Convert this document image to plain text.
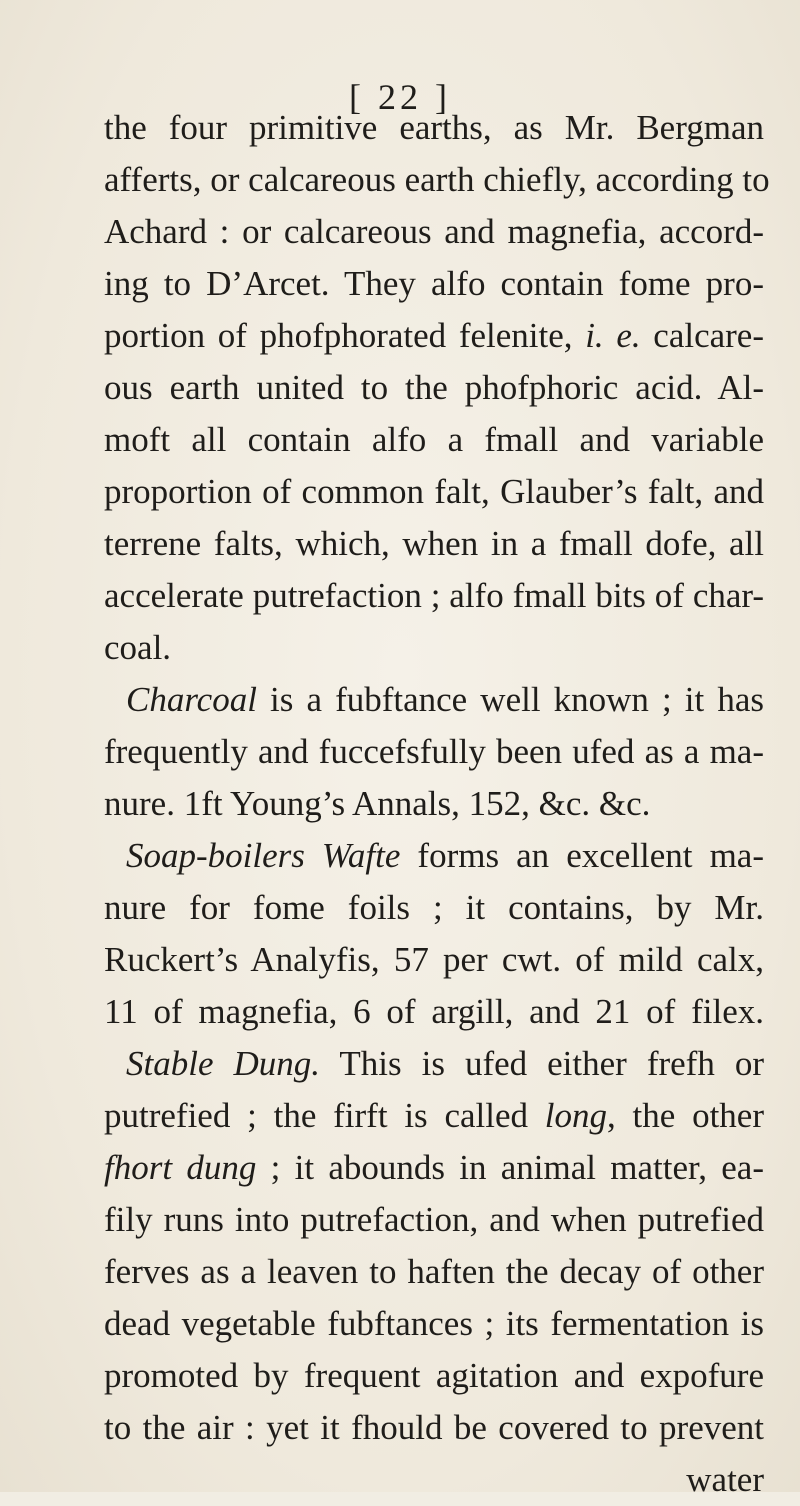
[ 22 ]
the four primitive earths, as Mr. Bergman
afferts, or calcareous earth chiefly, according to
Achard : or calcareous and magnefia, accord-
ing to D’Arcet. They alfo contain fome pro-
portion of phofphorated felenite, i. e. calcare-
ous earth united to the phofphoric acid. Al-
moft all contain alfo a fmall and variable
proportion of common falt, Glauber’s falt, and
terrene falts, which, when in a fmall dofe, all
accelerate putrefaction ; alfo fmall bits of char-
coal.
Charcoal is a fubftance well known ; it has
frequently and fuccefsfully been ufed as a ma-
nure. 1ft Young’s Annals, 152, &c. &c.
Soap-boilers Wafte forms an excellent ma-
nure for fome foils ; it contains, by Mr.
Ruckert’s Analyfis, 57 per cwt. of mild calx,
11 of magnefia, 6 of argill, and 21 of filex.
Stable Dung. This is ufed either frefh or
putrefied ; the firft is called long, the other
fhort dung ; it abounds in animal matter, ea-
fily runs into putrefaction, and when putrefied
ferves as a leaven to haften the decay of other
dead vegetable fubftances ; its fermentation is
promoted by frequent agitation and expofure
to the air : yet it fhould be covered to prevent
water
